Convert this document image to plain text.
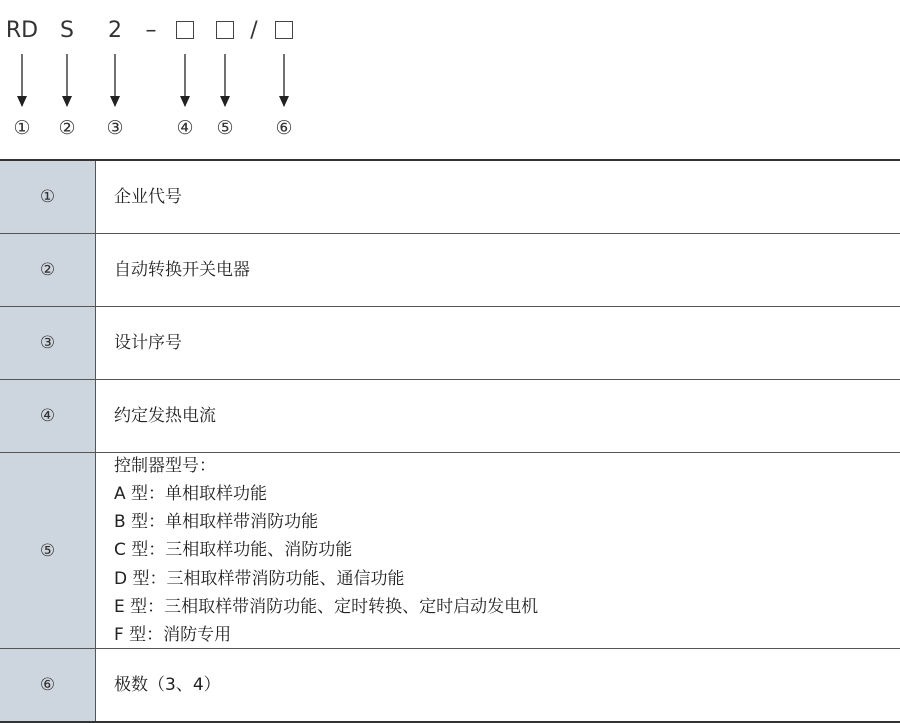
RD S 2 –	/
① ② ③	④ ⑤ ⑥
①	企业代号
②	自动转换开关电器
③	设计序号
④	约定发热电流
⑤
控制器型号：
A 型：单相取样功能
B 型：单相取样带消防功能
C 型：三相取样功能、消防功能
D 型：三相取样带消防功能、通信功能
E 型：三相取样带消防功能、定时转换、定时启动发电机
F 型：消防专用
⑥	极数（3、4）
